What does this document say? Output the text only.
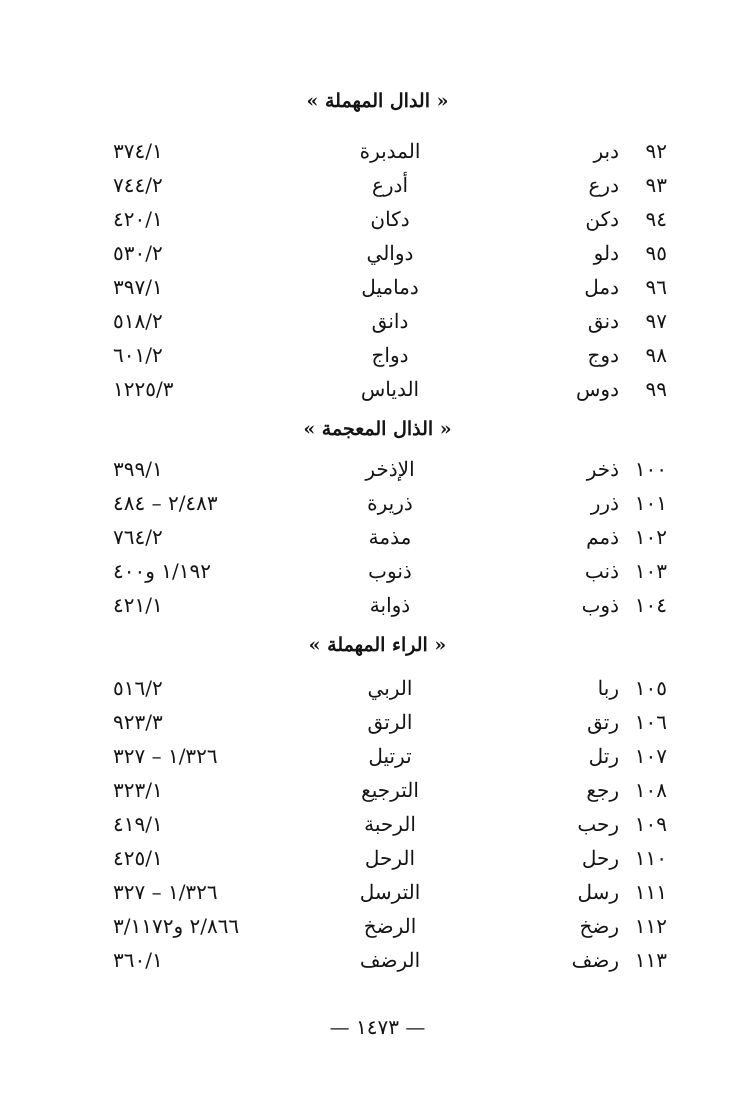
« الدال المهملة »
٩٢
دبر
المدبرة
٣٧٤/١
٩٣
درع
أدرع
٧٤٤/٢
٩٤
دكن
دكان
٤٢٠/١
٩٥
دلو
دوالي
٥٣٠/٢
٩٦
دمل
دماميل
٣٩٧/١
٩٧
دنق
دانق
٥١٨/٢
٩٨
دوج
دواج
٦٠١/٢
٩٩
دوس
الدياس
١٢٢٥/٣
« الذال المعجمة »
١٠٠
ذخر
الإذخر
٣٩٩/١
١٠١
ذرر
ذريرة
٢/٤٨٣ – ٤٨٤
١٠٢
ذمم
مذمة
٧٦٤/٢
١٠٣
ذنب
ذنوب
١/١٩٢ و٤٠٠
١٠٤
ذوب
ذوابة
٤٢١/١
« الراء المهملة »
١٠٥
ربا
الربي
٥١٦/٢
١٠٦
رتق
الرتق
٩٢٣/٣
١٠٧
رتل
ترتيل
١/٣٢٦ – ٣٢٧
١٠٨
رجع
الترجيع
٣٢٣/١
١٠٩
رحب
الرحبة
٤١٩/١
١١٠
رحل
الرحل
٤٢٥/١
١١١
رسل
الترسل
١/٣٢٦ – ٣٢٧
١١٢
رضخ
الرضخ
٢/٨٦٦ و٣/١١٧٢
١١٣
رضف
الرضف
٣٦٠/١
— ١٤٧٣ —
